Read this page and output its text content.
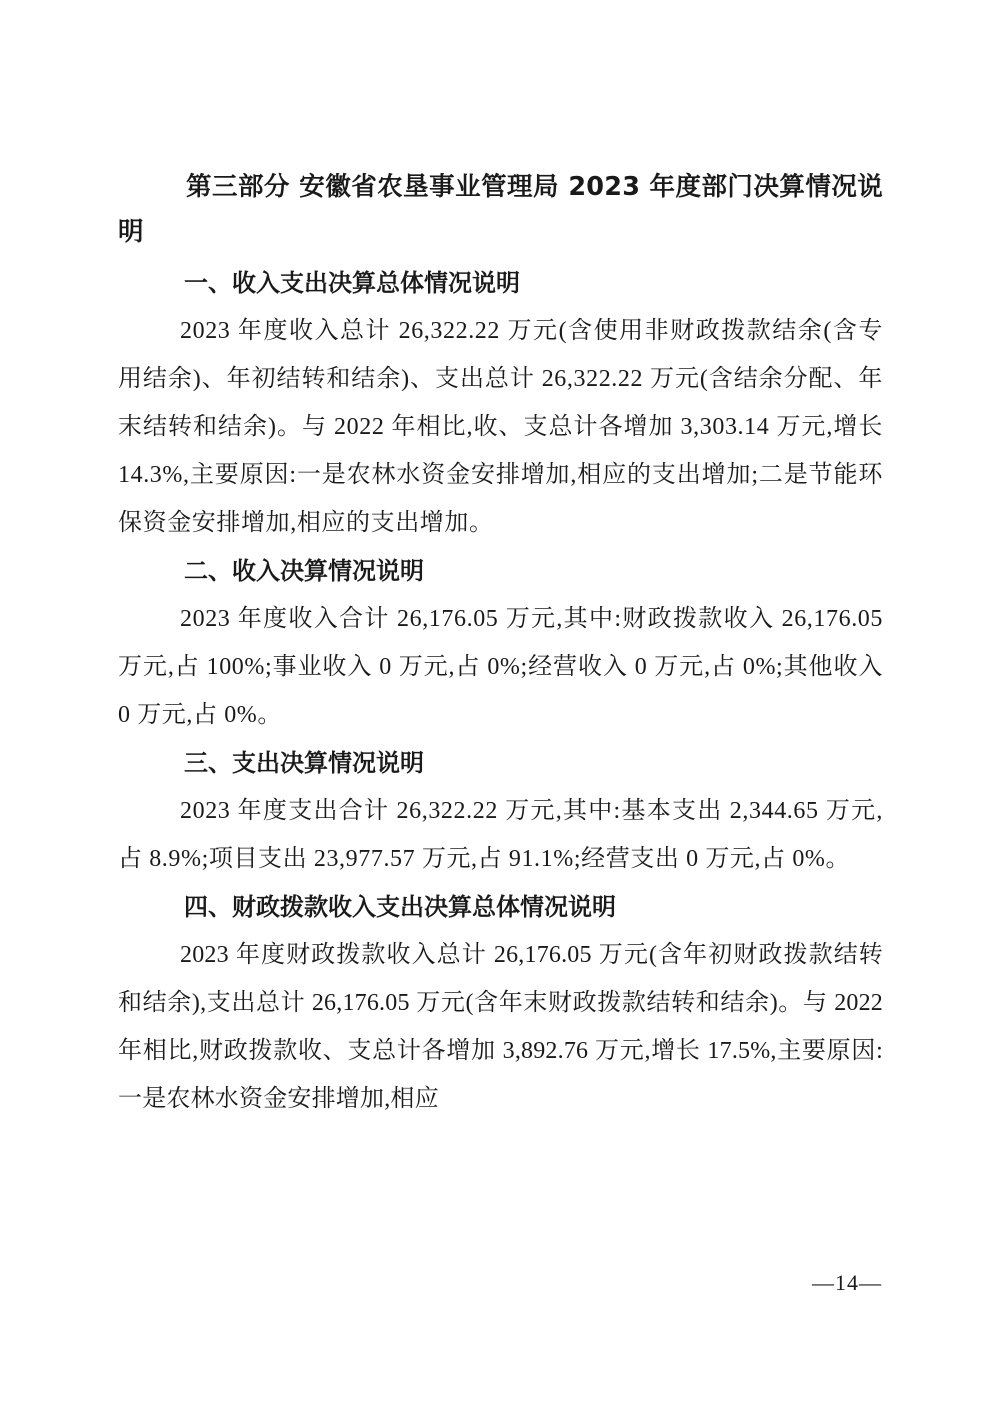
第三部分 安徽省农垦事业管理局 2023 年度部门决算情况说明
一、收入支出决算总体情况说明

2023 年度收入总计 26,322.22 万元(含使用非财政拨款结余(含专用结余)、年初结转和结余)、支出总计 26,322.22 万元(含结余分配、年末结转和结余)。与 2022 年相比,收、支总计各增加 3,303.14 万元,增长 14.3%,主要原因:一是农林水资金安排增加,相应的支出增加;二是节能环保资金安排增加,相应的支出增加。

二、收入决算情况说明

2023 年度收入合计 26,176.05 万元,其中:财政拨款收入 26,176.05 万元,占 100%;事业收入 0 万元,占 0%;经营收入 0 万元,占 0%;其他收入 0 万元,占 0%。

三、支出决算情况说明

2023 年度支出合计 26,322.22 万元,其中:基本支出 2,344.65 万元,占 8.9%;项目支出 23,977.57 万元,占 91.1%;经营支出 0 万元,占 0%。

四、财政拨款收入支出决算总体情况说明

2023 年度财政拨款收入总计 26,176.05 万元(含年初财政拨款结转和结余),支出总计 26,176.05 万元(含年末财政拨款结转和结余)。与 2022 年相比,财政拨款收、支总计各增加 3,892.76 万元,增长 17.5%,主要原因:一是农林水资金安排增加,相应

—14—
